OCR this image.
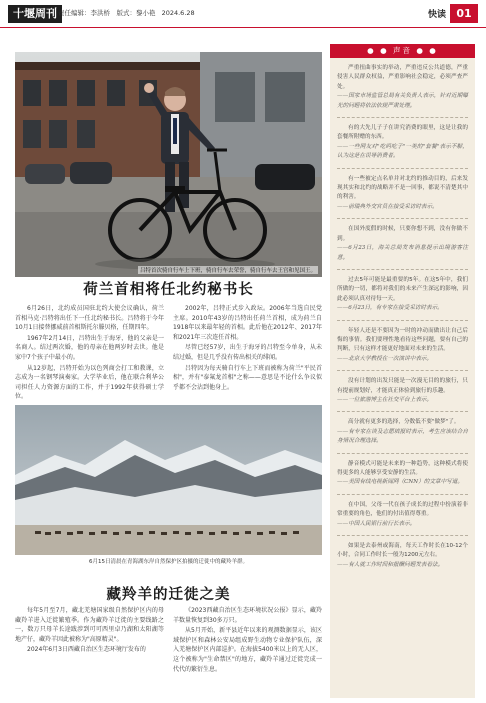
十堰周刊 责任编辑：李洪桥　版式：黎小艳 2024.6.28	快读 01
吕特首次骑自行车上下班，骑自行车去荣誉，骑自行车去王宫和见国王。
荷兰首相将任北约秘书长

6月26日，北约成员国驻北约大使会议确认，荷兰首相马克·吕特将出任下一任北约秘书长。吕特将于今年10月1日接替挪威前首相斯托尔滕贝格，任期四年。

1967年2月14日，吕特出生于海牙，他的父亲是一名商人。结过两次婚，他的母亲在他两岁时去世。他是家中7个孩子中最小的。

从12岁起，吕特开始为以色列商会打工和教课，立志成为一名钢琴演奏家。大学毕业后，他在联合利华公司担任人力资源方面的工作，并于1992年获得硕士学位。

2002年，吕特正式步入政坛。2006年当选自民党主席。2010年43岁的吕特出任荷兰首相，成为荷兰自1918年以来最年轻的首相。此后他在2012年、2017年和2021年三次连任首相。

尽管已经57岁，出生于海牙的吕特至今单身，从未结过婚，但是几乎没有传出相关的绯闻。

吕特因为每天骑自行车上下班而被称为荷兰"平民首相"，并有"泰氟龙首相"之称——意思是不论什么争议似乎都不会沾到他身上。

6月15日清晨在青海湖东岸自然保护区拍摄的迁徙中的藏羚羊群。
藏羚羊的迁徙之美

每年5月至7月，藏北羌塘国家级自然保护区内的母藏羚羊进入迁徙繁殖季。作为藏羚羊迁徙的主要线路之一，数万只母羊长途跋涉到可可西里卓乃湖和太阳湖等地产仔，藏羚羊因此被称为"高原精灵"。

2024年6月3日西藏自治区生态环境厅发布的

《2023西藏自治区生态环境状况公报》显示，藏羚羊数量恢复到30多万只。

从5月开始，新平县近年以来的观测数据显示，该区域保护区和森林公安局组成野生动物专业保护队伍，深入羌塘保护区内部巡护。在海拔5400米以上的无人区，这个被称为"生命禁区"的地方，藏羚羊通过迁徙完成一代代的繁衍生息。

● ● 声音 ● ●

严重扭曲事实的举动，严重违反公共道德，严重侵害人民群众权益，严重影响社会稳定，必须严查严处。

——国家市场监管总局有关负责人表示，针对近期曝光的问题将依法依规严肃处理。

有的大先儿子子在讲究消费的眼里，这是让我的套餐所附赠的东西。

——一些网友对"吃吗吃子"一类的"套餐"表示不解，认为这是在误导消费者。

有一些被定点名单并对北约的推动目的，后来发现其实和北约的战略并不是一回事，都说不清楚其中的利害。

——前瑞典外交官员在接受采访时表示。

在国外度假的时候，只要你想不到，没有你做不到。

——6月23日，海关总局发布消息提示出境游客注意。

过去5年可能是最重要的5年。在这5年中，我们所做的一切，都将对我们的未来产生深远的影响，因此必须认真对待每一天。

——6月23日，有专家在接受采访时表示。

年轻人还是不要因为一时的冲动而做出让自己后悔的事情。我们要理性地看待这些问题，要有自己的判断，只有这样才能更好地面对未来的生活。

——北京大学教授在一次演讲中表示。

没有计划的出发只能是一次漫无目的的旅行，只有提前规划好，才能真正体验到旅行的乐趣。

——一位旅游博主在社交平台上表示。

高分就有更多的选择，分数低不要"做梦"了。

——有专家在谈及志愿填报时表示，考生应该结合自身情况合理选择。

静音模式可能是未来的一种趋势，这种模式将使得更多的人能够享受安静的生活。

——美国有线电视新闻网（CNN）的文章中写道。

在中国，父母一代在孩子成长的过程中扮演着非常重要的角色，他们的付出值得尊重。

——中国人民银行前行长表示。

如果是去泰州或海南，每天工作时长在10-12个小时，合同工作时长一般为1200元左右。

——有人就工作时间和报酬问题发表看法。
